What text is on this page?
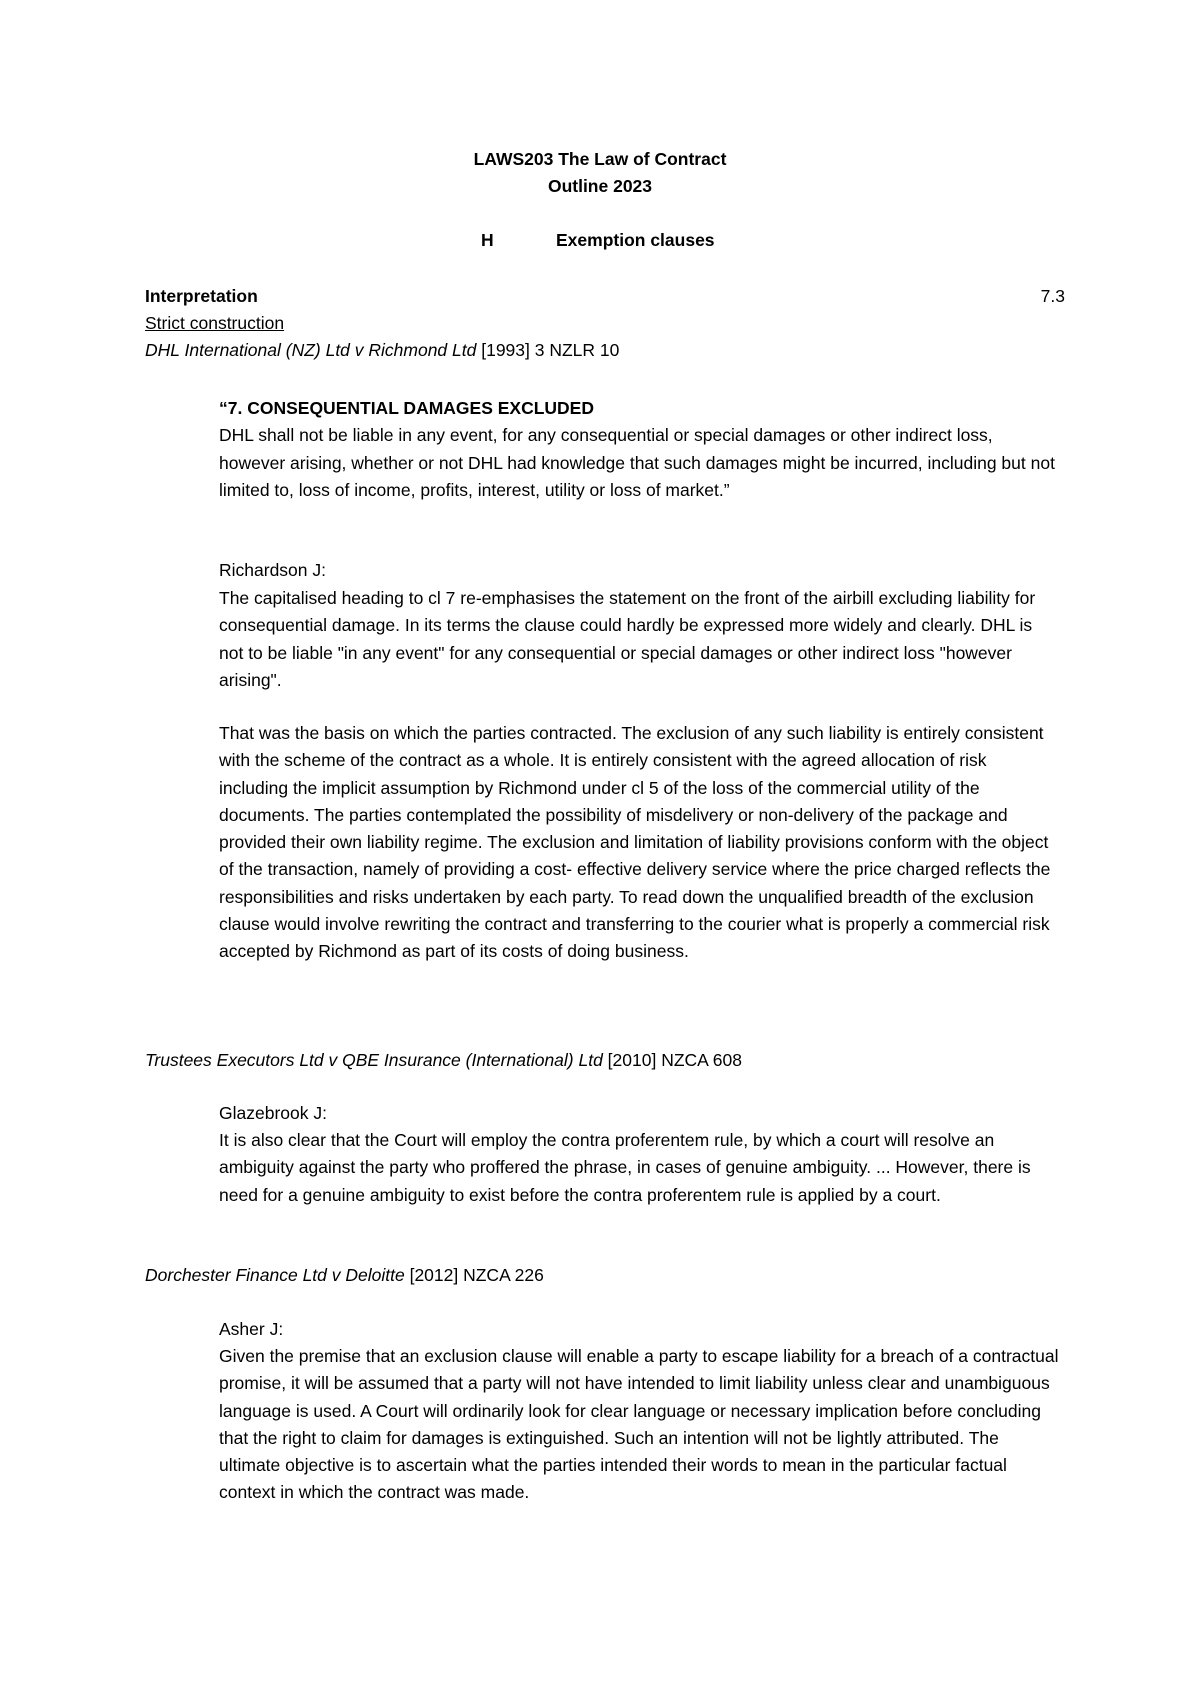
LAWS203 The Law of Contract
Outline 2023
H	Exemption clauses
Interpretation	7.3
Strict construction
DHL International (NZ) Ltd v Richmond Ltd [1993] 3 NZLR 10

“7. CONSEQUENTIAL DAMAGES EXCLUDED

DHL shall not be liable in any event, for any consequential or special damages or other indirect loss, however arising, whether or not DHL had knowledge that such damages might be incurred, including but not limited to, loss of income, profits, interest, utility or loss of market.”

Richardson J:
The capitalised heading to cl 7 re-emphasises the statement on the front of the airbill excluding liability for consequential damage. In its terms the clause could hardly be expressed more widely and clearly. DHL is not to be liable "in any event" for any consequential or special damages or other indirect loss "however arising".
That was the basis on which the parties contracted. The exclusion of any such liability is entirely consistent with the scheme of the contract as a whole. It is entirely consistent with the agreed allocation of risk including the implicit assumption by Richmond under cl 5 of the loss of the commercial utility of the documents. The parties contemplated the possibility of misdelivery or non-delivery of the package and provided their own liability regime. The exclusion and limitation of liability provisions conform with the object of the transaction, namely of providing a cost- effective delivery service where the price charged reflects the responsibilities and risks undertaken by each party. To read down the unqualified breadth of the exclusion clause would involve rewriting the contract and transferring to the courier what is properly a commercial risk accepted by Richmond as part of its costs of doing business.
Trustees Executors Ltd v QBE Insurance (International) Ltd [2010] NZCA 608
Glazebrook J:
It is also clear that the Court will employ the contra proferentem rule, by which a court will resolve an ambiguity against the party who proffered the phrase, in cases of genuine ambiguity. ... However, there is need for a genuine ambiguity to exist before the contra proferentem rule is applied by a court.
Dorchester Finance Ltd v Deloitte [2012] NZCA 226
Asher J:
Given the premise that an exclusion clause will enable a party to escape liability for a breach of a contractual promise, it will be assumed that a party will not have intended to limit liability unless clear and unambiguous language is used. A Court will ordinarily look for clear language or necessary implication before concluding that the right to claim for damages is extinguished. Such an intention will not be lightly attributed. The ultimate objective is to ascertain what the parties intended their words to mean in the particular factual context in which the contract was made.
